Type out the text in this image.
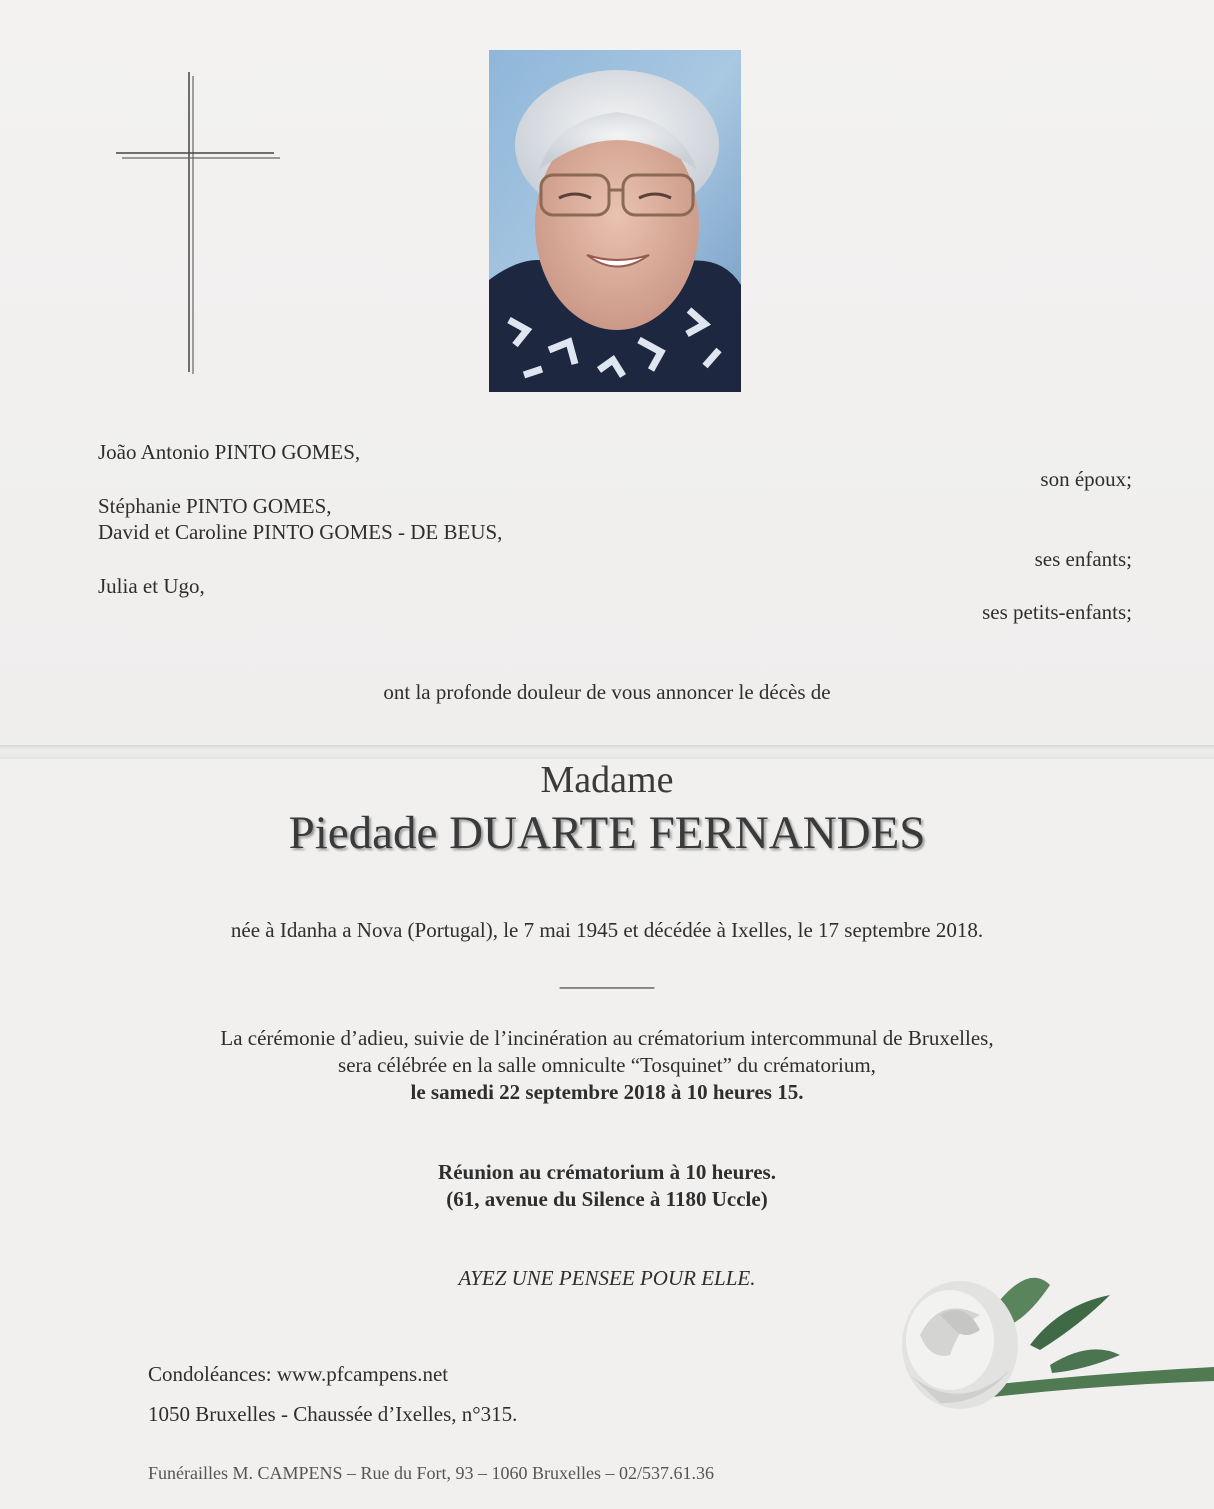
João Antonio PINTO GOMES,

son époux;

Stéphanie PINTO GOMES,

David et Caroline PINTO GOMES - DE BEUS,

ses enfants;

Julia et Ugo,

ses petits-enfants;

ont la profonde douleur de vous annoncer le décès de

Madame

Piedade DUARTE FERNANDES

née à Idanha a Nova (Portugal), le 7 mai 1945 et décédée à Ixelles, le 17 septembre 2018.

_________

La cérémonie d’adieu, suivie de l’incinération au crématorium intercommunal de Bruxelles,

sera célébrée en la salle omniculte “Tosquinet” du crématorium,

le samedi 22 septembre 2018 à 10 heures 15.

Réunion au crématorium à 10 heures.

(61, avenue du Silence à 1180 Uccle)

AYEZ UNE PENSEE POUR ELLE.

Condoléances: www.pfcampens.net

1050 Bruxelles - Chaussée d’Ixelles, n°315.

Funérailles M. CAMPENS – Rue du Fort, 93 – 1060 Bruxelles – 02/537.61.36
